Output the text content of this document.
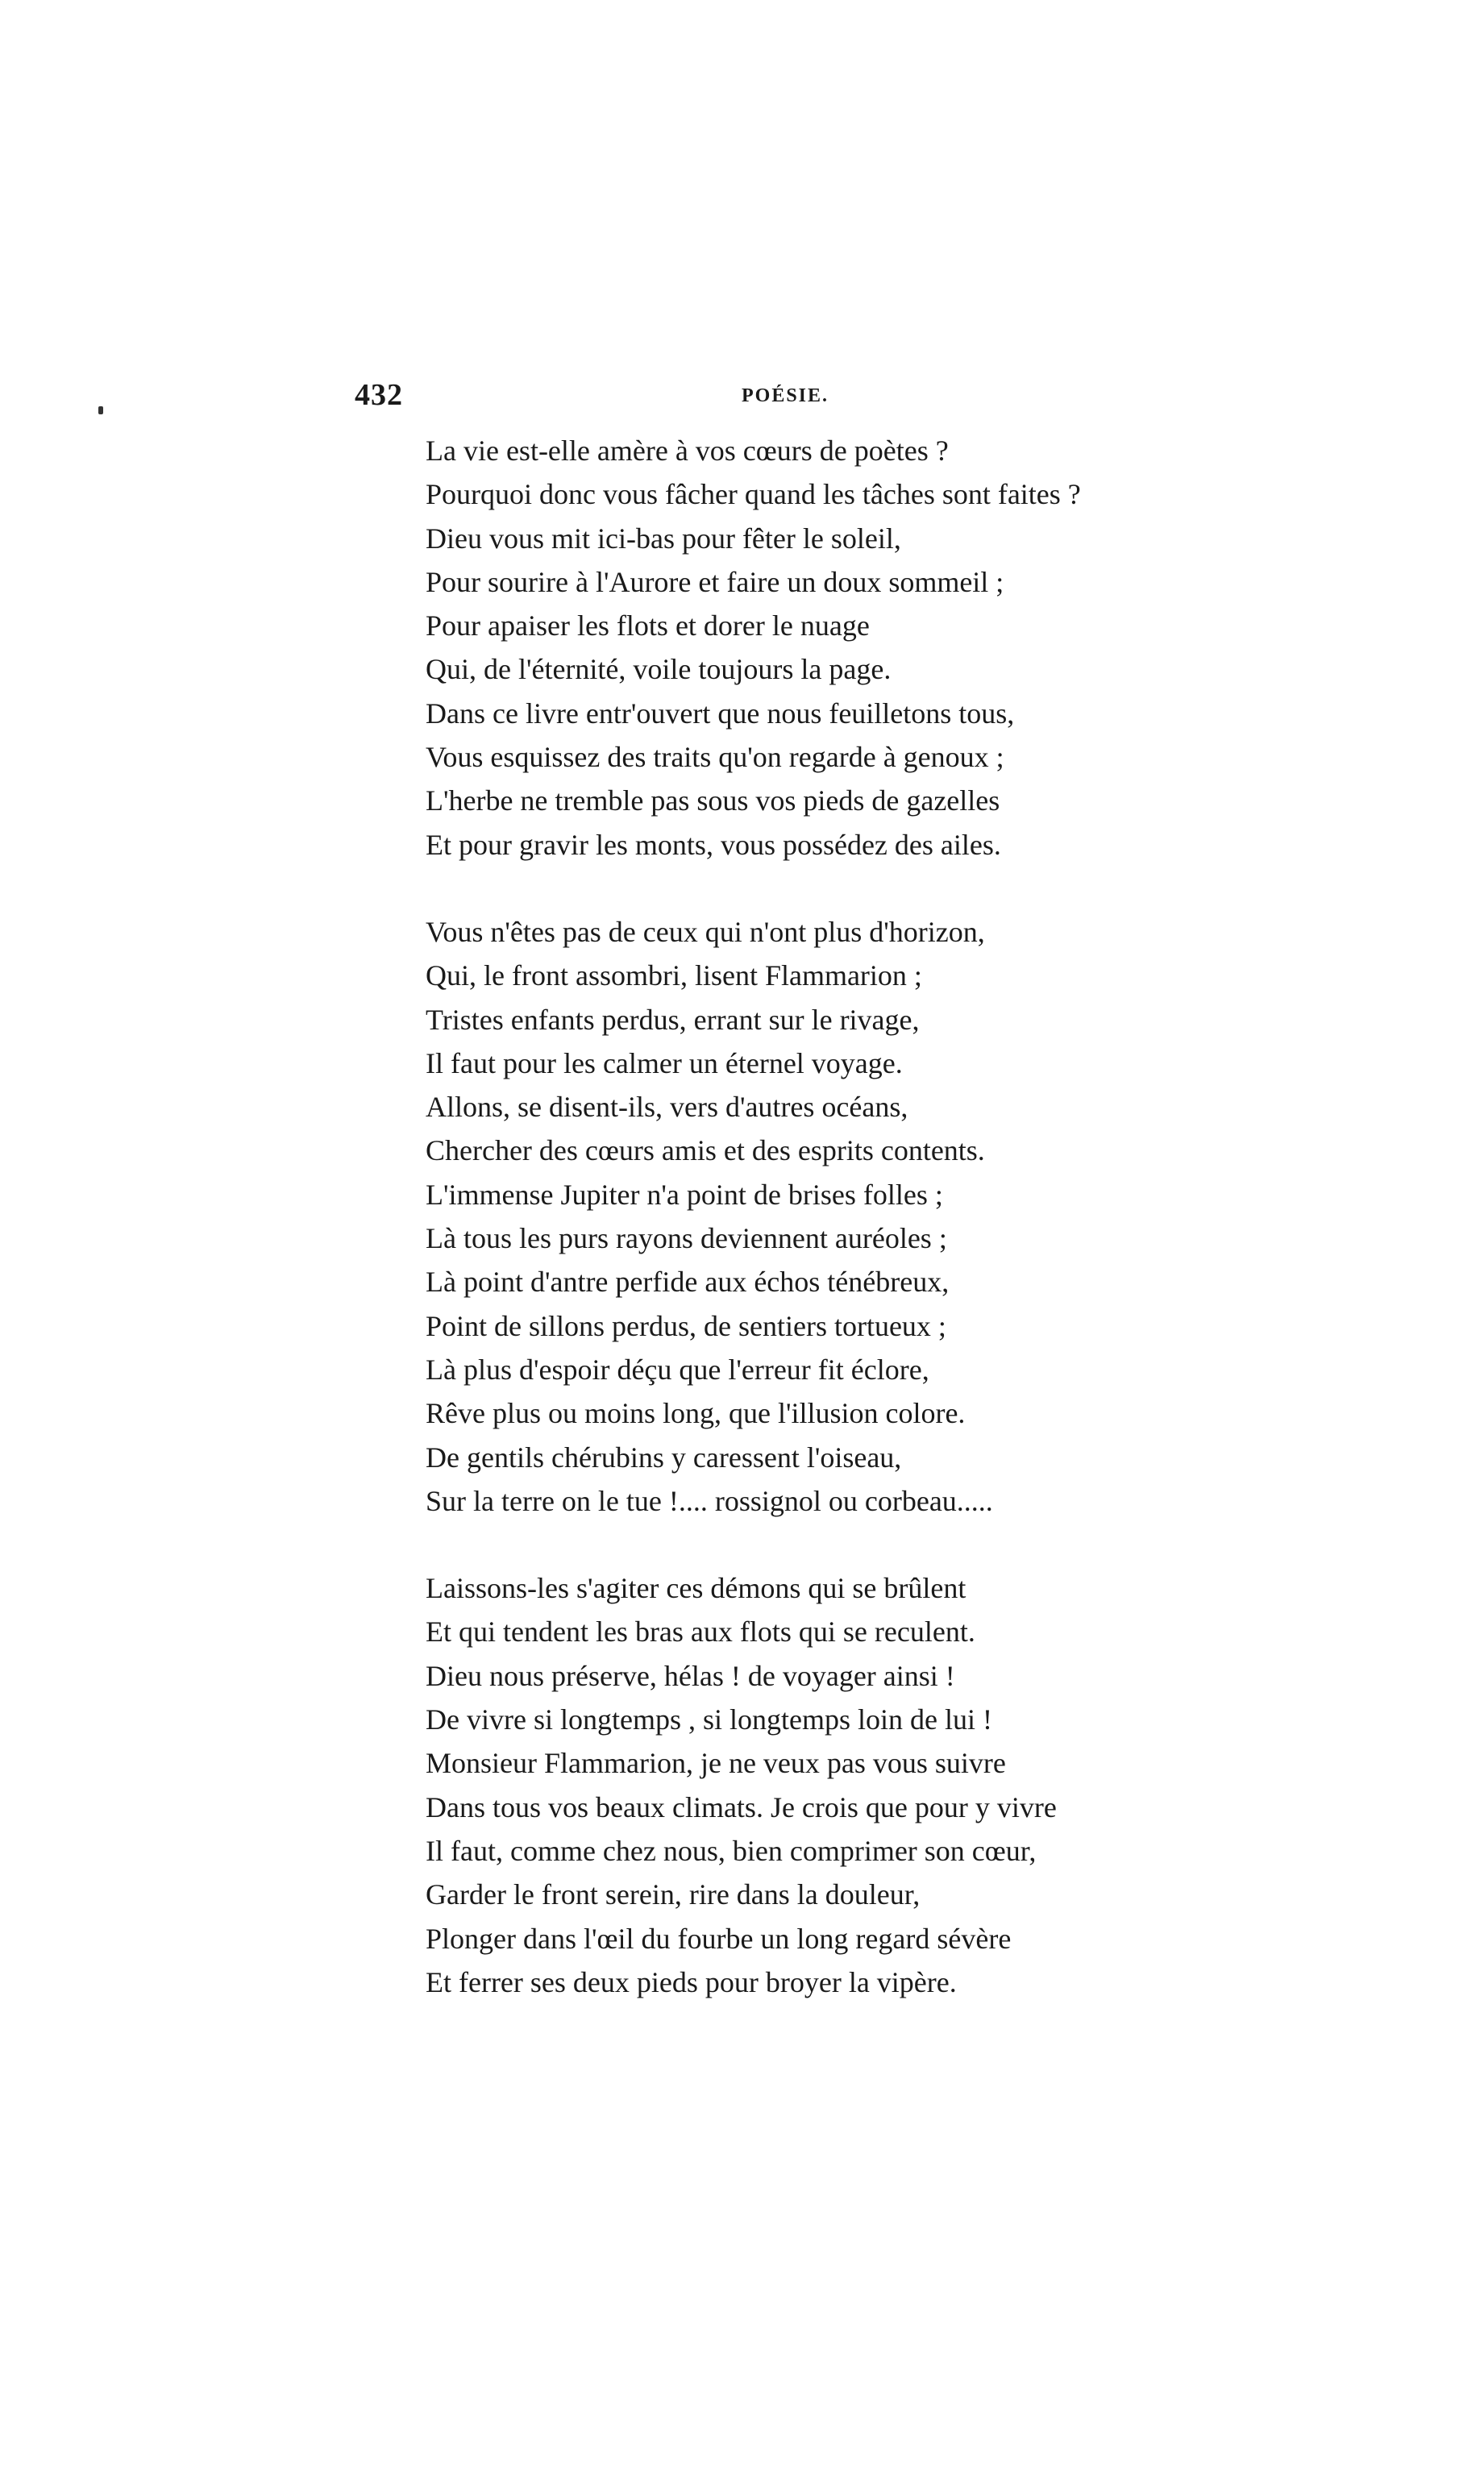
432	POÉSIE.
La vie est-elle amère à vos cœurs de poètes ?
Pourquoi donc vous fâcher quand les tâches sont faites ?
Dieu vous mit ici-bas pour fêter le soleil,
Pour sourire à l'Aurore et faire un doux sommeil ;
Pour apaiser les flots et dorer le nuage
Qui, de l'éternité, voile toujours la page.
Dans ce livre entr'ouvert que nous feuilletons tous,
Vous esquissez des traits qu'on regarde à genoux ;
L'herbe ne tremble pas sous vos pieds de gazelles
Et pour gravir les monts, vous possédez des ailes.
Vous n'êtes pas de ceux qui n'ont plus d'horizon,
Qui, le front assombri, lisent Flammarion ;
Tristes enfants perdus, errant sur le rivage,
Il faut pour les calmer un éternel voyage.
Allons, se disent-ils, vers d'autres océans,
Chercher des cœurs amis et des esprits contents.
L'immense Jupiter n'a point de brises folles ;
Là tous les purs rayons deviennent auréoles ;
Là point d'antre perfide aux échos ténébreux,
Point de sillons perdus, de sentiers tortueux ;
Là plus d'espoir déçu que l'erreur fit éclore,
Rêve plus ou moins long, que l'illusion colore.
De gentils chérubins y caressent l'oiseau,
Sur la terre on le tue !.... rossignol ou corbeau.....
Laissons-les s'agiter ces démons qui se brûlent
Et qui tendent les bras aux flots qui se reculent.
Dieu nous préserve, hélas ! de voyager ainsi !
De vivre si longtemps , si longtemps loin de lui !
Monsieur Flammarion, je ne veux pas vous suivre
Dans tous vos beaux climats. Je crois que pour y vivre
Il faut, comme chez nous, bien comprimer son cœur,
Garder le front serein, rire dans la douleur,
Plonger dans l'œil du fourbe un long regard sévère
Et ferrer ses deux pieds pour broyer la vipère.
